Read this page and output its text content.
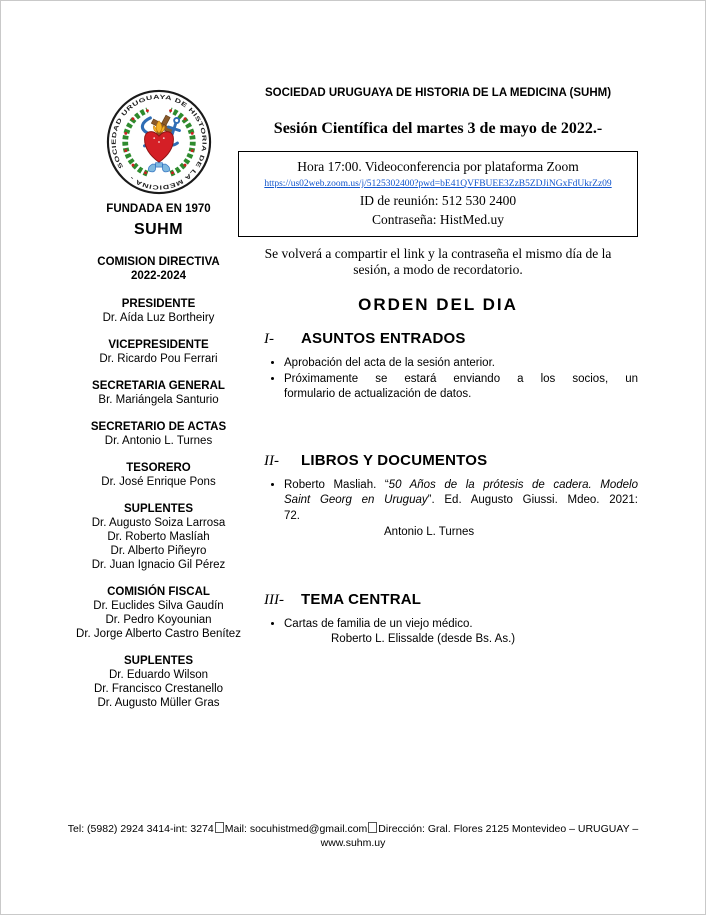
SOCIEDAD URUGUAYA DE HISTORIA DE LA MEDICINA -
FUNDADA EN 1970
SUHM
COMISION DIRECTIVA
2022-2024
PRESIDENTE
Dr. Aída Luz Bortheiry
VICEPRESIDENTE
Dr. Ricardo Pou Ferrari
SECRETARIA GENERAL
Br. Mariángela Santurio
SECRETARIO DE ACTAS
Dr. Antonio L. Turnes
TESORERO
Dr. José Enrique Pons
SUPLENTES
Dr. Augusto Soiza Larrosa
Dr. Roberto Maslíah
Dr. Alberto Piñeyro
Dr. Juan Ignacio Gil Pérez
COMISIÓN FISCAL
Dr. Euclides Silva Gaudín
Dr. Pedro Koyounian
Dr. Jorge Alberto Castro Benítez
SUPLENTES
Dr. Eduardo Wilson
Dr. Francisco Crestanello
Dr. Augusto Müller Gras
SOCIEDAD URUGUAYA DE HISTORIA DE LA MEDICINA (SUHM)
Sesión Científica del martes 3 de mayo de 2022.-
Hora 17:00. Videoconferencia por plataforma Zoom
https://us02web.zoom.us/j/5125302400?pwd=bE41QVFBUEE3ZzB5ZDJiNGxFdUkrZz09
ID de reunión: 512 530 2400
Contraseña: HistMed.uy
Se volverá a compartir el link y la contraseña el mismo día de la sesión, a modo de recordatorio.
ORDEN DEL DIA
I-	ASUNTOS ENTRADOS
• Aprobación del acta de la sesión anterior.
• Próximamente se estará enviando a los socios, un
formulario de actualización de datos.
II-	LIBROS Y DOCUMENTOS
• Roberto Masliah. “50 Años de la prótesis de cadera. Modelo
Saint Georg en Uruguay”. Ed. Augusto Giussi. Mdeo. 2021:
72.
Antonio L. Turnes
III-	TEMA CENTRAL
• Cartas de familia de un viejo médico.
Roberto L. Elissalde (desde Bs. As.)
Tel: (5982) 2924 3414-int: 3274 Mail: socuhistmed@gmail.com Dirección: Gral. Flores 2125 Montevideo – URUGUAY – www.suhm.uy
